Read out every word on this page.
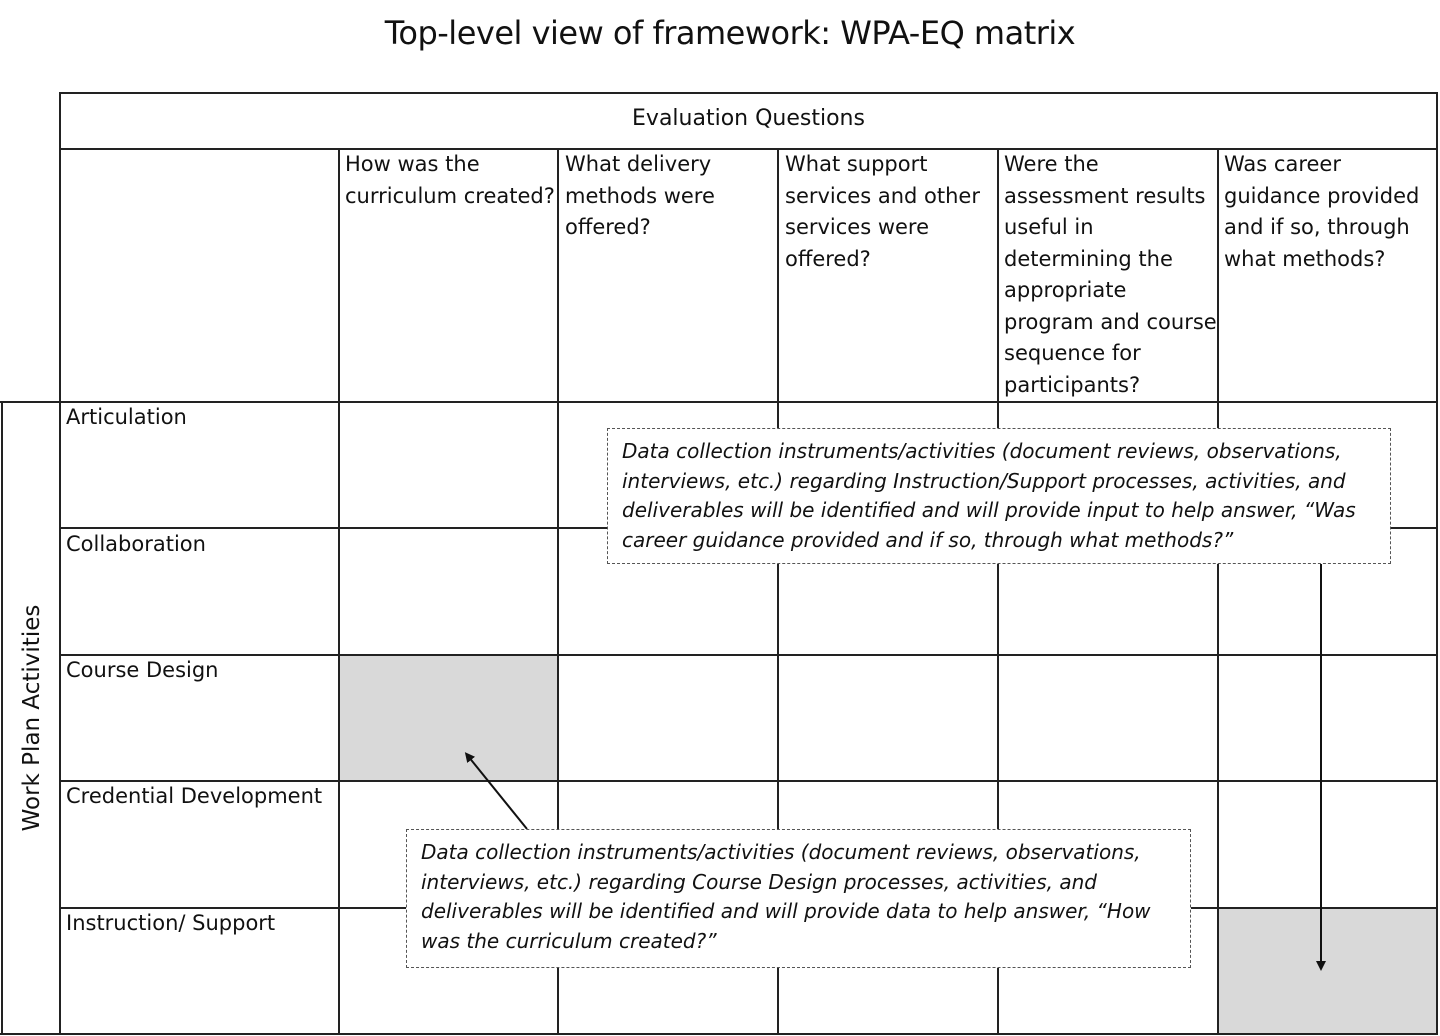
Top-level view of framework: WPA-EQ matrix
Evaluation Questions
How was the
curriculum created?
What delivery
methods were
offered?
What support
services and other
services were
offered?
Were the
assessment results
useful in
determining the
appropriate
program and course
sequence for
participants?
Was career
guidance provided
and if so, through
what methods?
Articulation
Collaboration
Course Design
Credential Development
Instruction/ Support
Work Plan Activities
Data collection instruments/activities (document reviews, observations,
interviews, etc.) regarding Instruction/Support processes, activities, and
deliverables will be identified and will provide input to help answer, “Was
career guidance provided and if so, through what methods?”
Data collection instruments/activities (document reviews, observations,
interviews, etc.) regarding Course Design processes, activities, and
deliverables will be identified and will provide data to help answer, “How
was the curriculum created?”
